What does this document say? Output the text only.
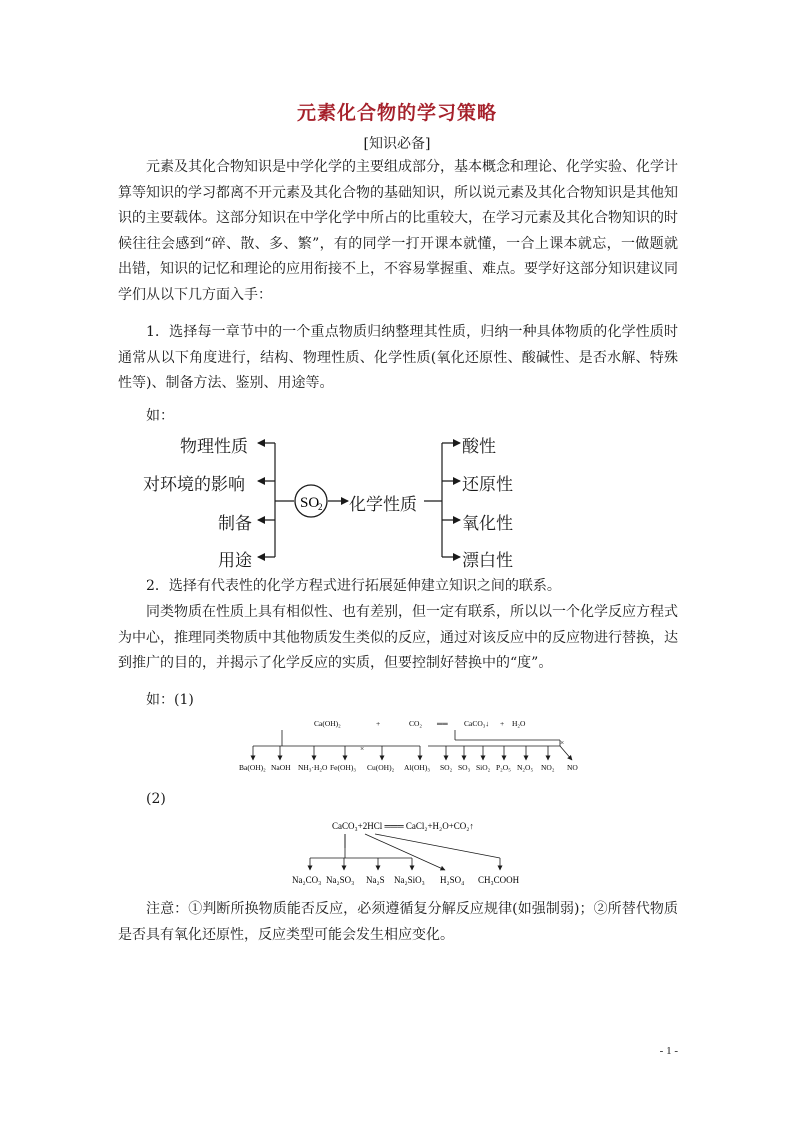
元素化合物的学习策略
[知识必备]

元素及其化合物知识是中学化学的主要组成部分，基本概念和理论、化学实验、化学计算等知识的学习都离不开元素及其化合物的基础知识，所以说元素及其化合物知识是其他知识的主要载体。这部分知识在中学化学中所占的比重较大，在学习元素及其化合物知识的时候往往会感到“碎、散、多、繁”，有的同学一打开课本就懂，一合上课本就忘，一做题就出错，知识的记忆和理论的应用衔接不上，不容易掌握重、难点。要学好这部分知识建议同学们从以下几方面入手：

1．选择每一章节中的一个重点物质归纳整理其性质，归纳一种具体物质的化学性质时通常从以下角度进行，结构、物理性质、化学性质(氧化还原性、酸碱性、是否水解、特殊性等)、制备方法、鉴别、用途等。

如：
物理性质
对环境的影响
制备
用途
化学性质
酸性
还原性
氧化性
漂白性
SO
2

2．选择有代表性的化学方程式进行拓展延伸建立知识之间的联系。

同类物质在性质上具有相似性、也有差别，但一定有联系，所以以一个化学反应方程式为中心，推理同类物质中其他物质发生类似的反应，通过对该反应中的反应物进行替换，达到推广的目的，并揭示了化学反应的实质，但要控制好替换中的“度”。

如：(1)
Ca(OH)₂	+	CO₂ ══ CaCO₃↓ + H₂O
×
×
Ba(OH)₂ NaOH NH₃·H₂O Fe(OH)₃ Cu(OH)₂ Al(OH)₃ SO₂ SO₃ SiO₂ P₂O₅ N₂O₅ NO₂ NO
(2)
CaCO₃+2HCl ═══ CaCl₂+H₂O+CO₂↑
Na₂CO₃ Na₂SO₃ Na₂S Na₂SiO₃ H₂SO₄ CH₃COOH

注意：①判断所换物质能否反应，必须遵循复分解反应规律(如强制弱)；②所替代物质是否具有氧化还原性，反应类型可能会发生相应变化。

- 1 -
